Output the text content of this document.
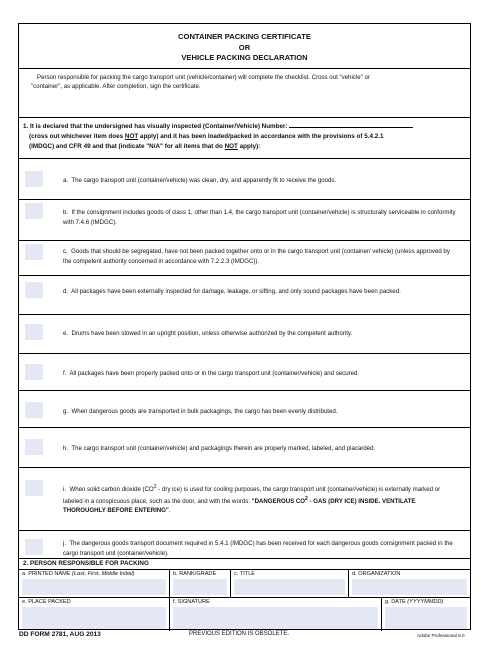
CONTAINER PACKING CERTIFICATE
OR
VEHICLE PACKING DECLARATION
Person responsible for packing the cargo transport unit (vehicle/container) will complete the checklist. Cross out "vehicle" or
"container", as applicable. After completion, sign the certificate.
1. It is declared that the undersigned has visually inspected (Container/Vehicle) Number:
(cross out whichever item does NOT apply) and it has been loaded/packed in accordance with the provisions of 5.4.2.1
(IMDGC) and CFR 49 and that (indicate "N/A" for all items that do NOT apply):
a. The cargo transport unit (container/vehicle) was clean, dry, and apparently fit to receive the goods.
b. If the consignment includes goods of class 1, other than 1.4, the cargo transport unit (container/vehicle) is structurally serviceable in conformity with 7.4.6 (IMDGC).
c. Goods that should be segregated, have not been packed together onto or in the cargo transport unit (container/ vehicle) (unless approved by the competent authority concerned in accordance with 7.2.2.3 (IMDGC)).
d. All packages have been externally inspected for damage, leakage, or sifting, and only sound packages have been packed.
e. Drums have been stowed in an upright position, unless otherwise authorized by the competent authority.
f. All packages have been properly packed onto or in the cargo transport unit (container/vehicle) and secured.
g. When dangerous goods are transported in bulk packagings, the cargo has been evenly distributed.
h. The cargo transport unit (container/vehicle) and packagings therein are properly marked, labeled, and placarded.
i. When solid carbon dioxide ($CO^2$ - dry ice) is used for cooling purposes, the cargo transport unit (container/vehicle) is externally marked or labeled in a conspicuous place, such as the door, and with the words: "DANGEROUS $CO^2$ - GAS (DRY ICE) INSIDE. VENTILATE THOROUGHLY BEFORE ENTERING".
j. The dangerous goods transport document required in 5.4.1 (IMDGC) has been received for each dangerous goods consignment packed in the cargo transport unit (container/vehicle).
2. PERSON RESPONSIBLE FOR PACKING
a. PRINTED NAME (Last, First, Middle Initial)	b. RANK/GRADE	c. TITLE	d. ORGANIZATION
e. PLACE PACKED	f. SIGNATURE	g. DATE (YYYYMMDD)
DD FORM 2781, AUG 2013	PREVIOUS EDITION IS OBSOLETE.	Adobe Professional 9.0
